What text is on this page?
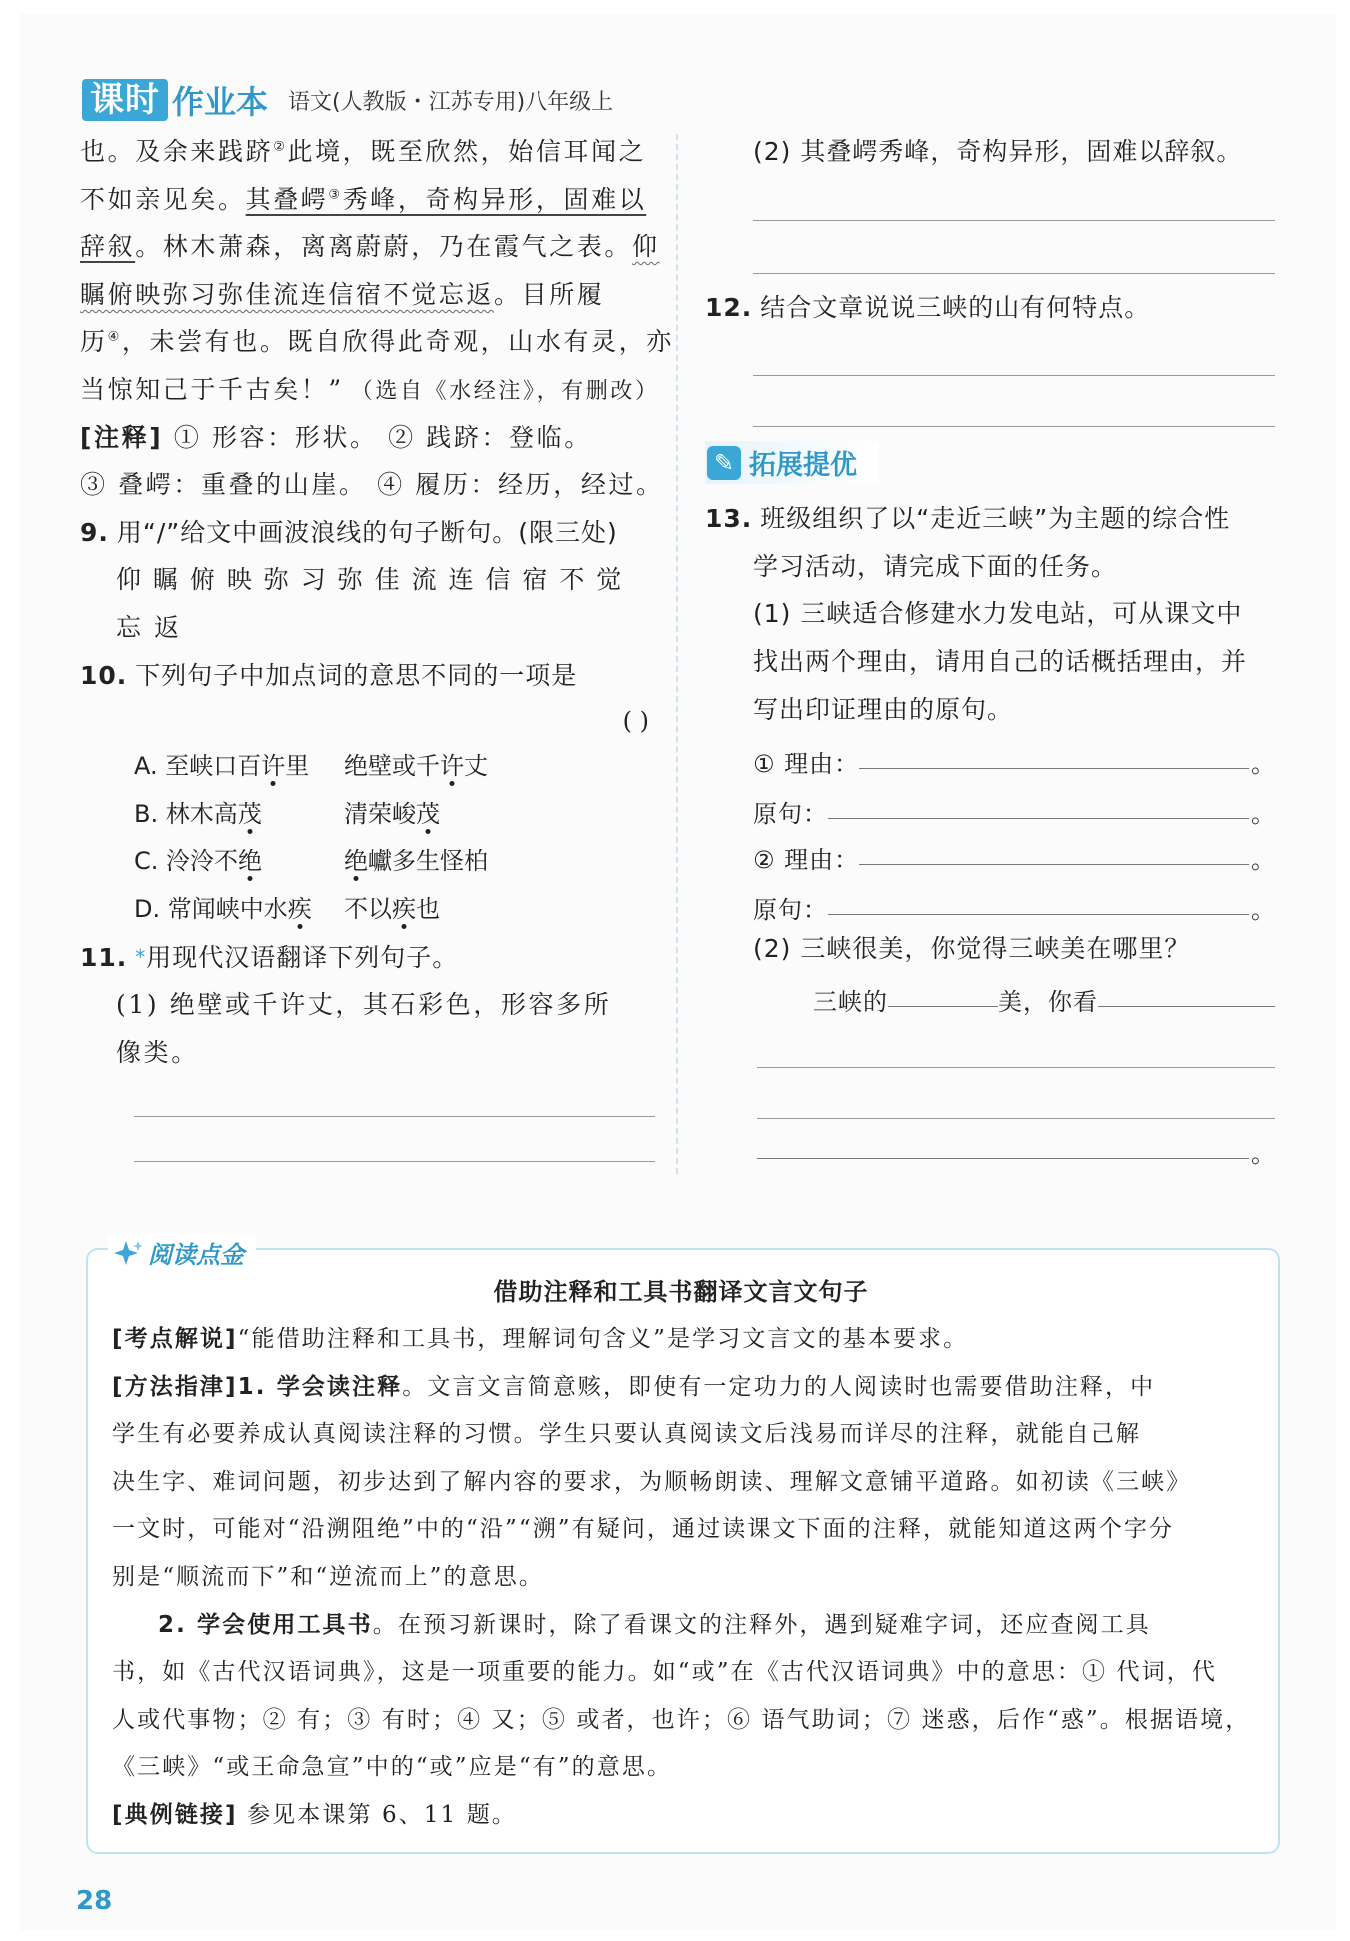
课时 作业本 语文(人教版・江苏专用)八年级上
也。及余来践跻②此境，既至欣然，始信耳闻之
不如亲见矣。其叠崿③秀峰，奇构异形，固难以
辞叙。林木萧森，离离蔚蔚，乃在霞气之表。仰
瞩俯映弥习弥佳流连信宿不觉忘返。目所履
历④，未尝有也。既自欣得此奇观，山水有灵，亦
当惊知己于千古矣！” （选自《水经注》，有删改）
[注释] ① 形容：形状。 ② 践跻：登临。
③ 叠崿：重叠的山崖。 ④ 履历：经历，经过。
9. 用“/”给文中画波浪线的句子断句。(限三处)
仰 瞩 俯 映 弥 习 弥 佳 流 连 信 宿 不 觉
忘 返
10. 下列句子中加点词的意思不同的一项是
( )
A. 至峡口百许里	绝壁或千许丈
B. 林木高茂	清荣峻茂
C. 泠泠不绝	绝巘多生怪柏
D. 常闻峡中水疾	不以疾也
11. *用现代汉语翻译下列句子。
(1) 绝壁或千许丈，其石彩色，形容多所
像类。
(2) 其叠崿秀峰，奇构异形，固难以辞叙。
12. 结合文章说说三峡的山有何特点。
✎ 拓展提优
13. 班级组织了以“走近三峡”为主题的综合性
学习活动，请完成下面的任务。
(1) 三峡适合修建水力发电站，可从课文中
找出两个理由，请用自己的话概括理由，并
写出印证理由的原句。
① 理由：	。
原句：	。
② 理由：	。
原句：	。
(2) 三峡很美，你觉得三峡美在哪里？
三峡的	美，你看
。
阅读点金
借助注释和工具书翻译文言文句子
[考点解说]“能借助注释和工具书，理解词句含义”是学习文言文的基本要求。
[方法指津]1. 学会读注释。文言文言简意赅，即使有一定功力的人阅读时也需要借助注释，中
学生有必要养成认真阅读注释的习惯。学生只要认真阅读文后浅易而详尽的注释，就能自己解
决生字、难词问题，初步达到了解内容的要求，为顺畅朗读、理解文意铺平道路。如初读《三峡》
一文时，可能对“沿溯阻绝”中的“沿”“溯”有疑问，通过读课文下面的注释，就能知道这两个字分
别是“顺流而下”和“逆流而上”的意思。
2. 学会使用工具书。在预习新课时，除了看课文的注释外，遇到疑难字词，还应查阅工具
书，如《古代汉语词典》，这是一项重要的能力。如“或”在《古代汉语词典》中的意思：① 代词，代
人或代事物；② 有；③ 有时；④ 又；⑤ 或者，也许；⑥ 语气助词；⑦ 迷惑，后作“惑”。根据语境，
《三峡》“或王命急宣”中的“或”应是“有”的意思。
[典例链接] 参见本课第 6、11 题。
28
